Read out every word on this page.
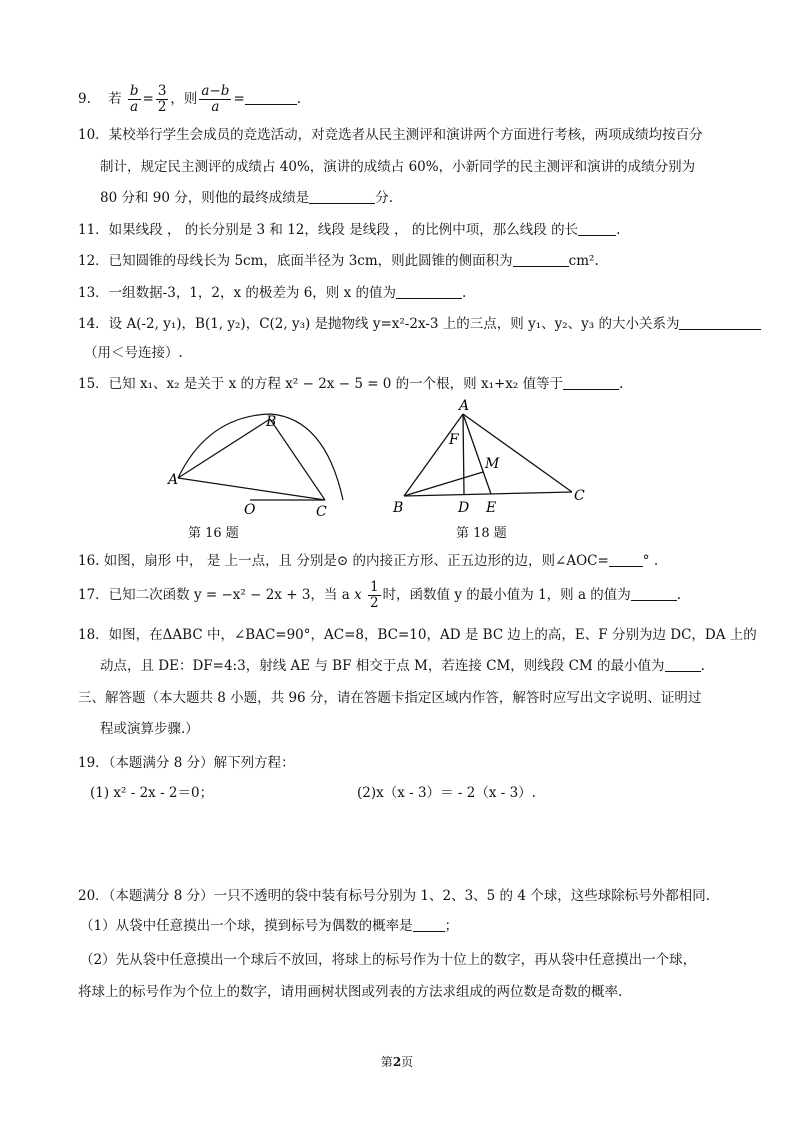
9. 若 $\frac{b}{a} = \frac{3}{2}$ ，则 $\frac{a-b}{a}$ =	.
10．某校举行学生会成员的竞选活动，对竞选者从民主测评和演讲两个方面进行考核，两项成绩均按百分
制计，规定民主测评的成绩占 40%，演讲的成绩占 60%，小新同学的民主测评和演讲的成绩分别为
80 分和 90 分，则他的最终成绩是	分.
11．如果线段 ， 的长分别是 3 和 12，线段 是线段 ， 的比例中项，那么线段 的长	.
12．已知圆锥的母线长为 5cm，底面半径为 3cm，则此圆锥的侧面积为	cm².
13．一组数据-3，1，2，x 的极差为 6，则 x 的值为	.
14．设 A(-2, y₁)，B(1, y₂)，C(2, y₃) 是抛物线 y=x²-2x-3 上的三点，则 y₁、y₂、y₃ 的大小关系为
（用＜号连接）.
15．已知 x₁、x₂ 是关于 x 的方程 x² − 2x − 5 = 0 的一个根，则 x₁+x₂ 值等于	.
A
B
O	C
第 16 题
A
F
M
B	D E
C
第 18 题
16. 如图，扇形 中， 是 上一点，且 分别是⊙ 的内接正方形、正五边形的边，则∠AOC=	° .
17．已知二次函数 y = −x² − 2x + 3，当 a x $\frac{1}{2}$ 时，函数值 y 的最小值为 1，则 a 的值为	.
18．如图，在ΔABC 中，∠BAC=90°，AC=8，BC=10，AD 是 BC 边上的高，E、F 分别为边 DC，DA 上的
动点，且 DE：DF=4:3，射线 AE 与 BF 相交于点 M，若连接 CM，则线段 CM 的最小值为	.
三、解答题（本大题共 8 小题，共 96 分，请在答题卡指定区域内作答，解答时应写出文字说明、证明过
程或演算步骤.）
19．（本题满分 8 分）解下列方程：
(1) x² - 2x - 2＝0；	(2)x（x - 3）＝ - 2（x - 3）.
20．（本题满分 8 分）一只不透明的袋中装有标号分别为 1、2、3、5 的 4 个球，这些球除标号外都相同.
（1）从袋中任意摸出一个球，摸到标号为偶数的概率是 ；
（2）先从袋中任意摸出一个球后不放回，将球上的标号作为十位上的数字，再从袋中任意摸出一个球，
将球上的标号作为个位上的数字，请用画树状图或列表的方法求组成的两位数是奇数的概率.
第2页
